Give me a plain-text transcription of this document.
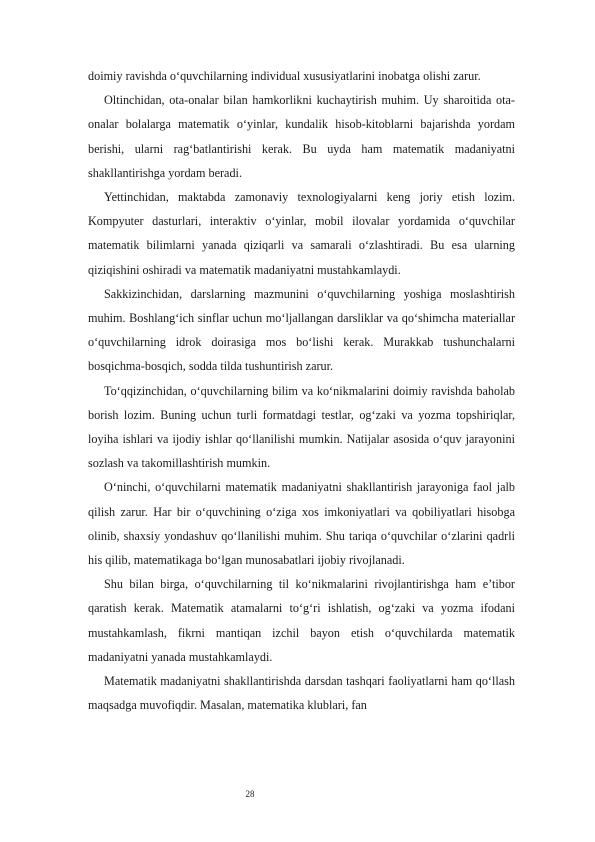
doimiy ravishda o‘quvchilarning individual xususiyatlarini inobatga olishi zarur.

Oltinchidan, ota-onalar bilan hamkorlikni kuchaytirish muhim. Uy sharoitida ota-onalar bolalarga matematik o‘yinlar, kundalik hisob-kitoblarni bajarishda yordam berishi, ularni rag‘batlantirishi kerak. Bu uyda ham matematik madaniyatni shakllantirishga yordam beradi.

Yettinchidan, maktabda zamonaviy texnologiyalarni keng joriy etish lozim. Kompyuter dasturlari, interaktiv o‘yinlar, mobil ilovalar yordamida o‘quvchilar matematik bilimlarni yanada qiziqarli va samarali o‘zlashtiradi. Bu esa ularning qiziqishini oshiradi va matematik madaniyatni mustahkamlaydi.

Sakkizinchidan, darslarning mazmunini o‘quvchilarning yoshiga moslashtirish muhim. Boshlang‘ich sinflar uchun mo‘ljallangan darsliklar va qo‘shimcha materiallar o‘quvchilarning idrok doirasiga mos bo‘lishi kerak. Murakkab tushunchalarni bosqichma-bosqich, sodda tilda tushuntirish zarur.

To‘qqizinchidan, o‘quvchilarning bilim va ko‘nikmalarini doimiy ravishda baholab borish lozim. Buning uchun turli formatdagi testlar, og‘zaki va yozma topshiriqlar, loyiha ishlari va ijodiy ishlar qo‘llanilishi mumkin. Natijalar asosida o‘quv jarayonini sozlash va takomillashtirish mumkin.

O‘ninchi, o‘quvchilarni matematik madaniyatni shakllantirish jarayoniga faol jalb qilish zarur. Har bir o‘quvchining o‘ziga xos imkoniyatlari va qobiliyatlari hisobga olinib, shaxsiy yondashuv qo‘llanilishi muhim. Shu tariqa o‘quvchilar o‘zlarini qadrli his qilib, matematikaga bo‘lgan munosabatlari ijobiy rivojlanadi.

Shu bilan birga, o‘quvchilarning til ko‘nikmalarini rivojlantirishga ham e’tibor qaratish kerak. Matematik atamalarni to‘g‘ri ishlatish, og‘zaki va yozma ifodani mustahkamlash, fikrni mantiqan izchil bayon etish o‘quvchilarda matematik madaniyatni yanada mustahkamlaydi.

Matematik madaniyatni shakllantirishda darsdan tashqari faoliyatlarni ham qo‘llash maqsadga muvofiqdir. Masalan, matematika klublari, fan

28
